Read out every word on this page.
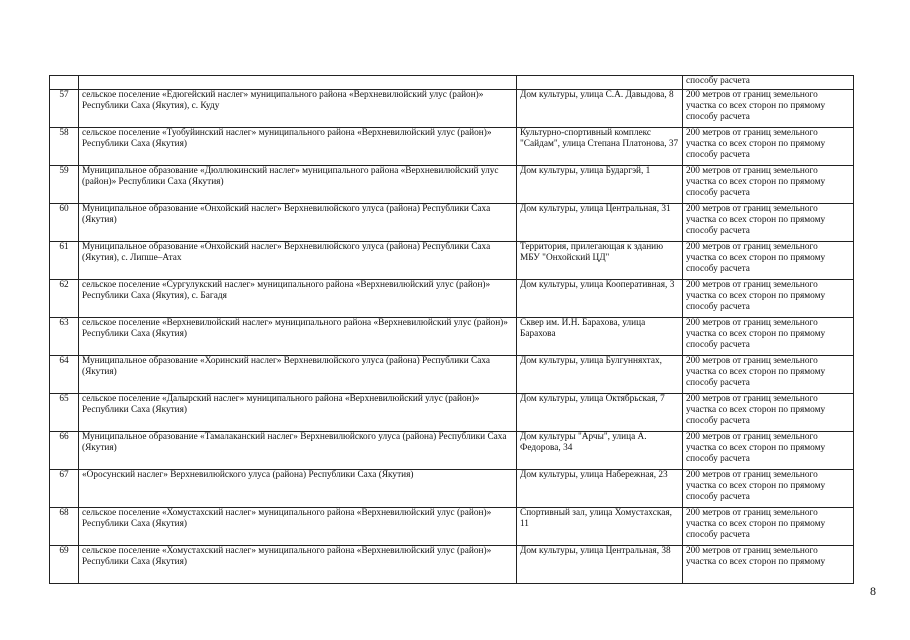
			способу расчета
57	сельское поселение «Едюгейский наслег» муниципального района «Верхневилюйский улус (район)» Республики Саха (Якутия), с. Куду	Дом культуры, улица С.А. Давыдова, 8	200 метров от границ земельного участка со всех сторон по прямому способу расчета
58	сельское поселение «Туобуйинский наслег» муниципального района «Верхневилюйский улус (район)» Республики Саха (Якутия)	Культурно-спортивный комплекс "Сайдам", улица Степана Платонова, 37	200 метров от границ земельного участка со всех сторон по прямому способу расчета
59	Муниципальное образование «Дюллюкинский наслег» муниципального района «Верхневилюйский улус (район)» Республики Саха (Якутия)	Дом культуры, улица Бударгэй, 1	200 метров от границ земельного участка со всех сторон по прямому способу расчета
60	Муниципальное образование «Онхойский наслег» Верхневилюйского улуса (района) Республики Саха (Якутия)	Дом культуры, улица Центральная, 31	200 метров от границ земельного участка со всех сторон по прямому способу расчета
61	Муниципальное образование «Онхойский наслег» Верхневилюйского улуса (района) Республики Саха (Якутия), с. Липше–Атах	Территория, прилегающая к зданию МБУ "Онхойский ЦД"	200 метров от границ земельного участка со всех сторон по прямому способу расчета
62	сельское поселение «Сургулукский наслег» муниципального района «Верхневилюйский улус (район)» Республики Саха (Якутия), с. Багадя	Дом культуры, улица Кооперативная, 3	200 метров от границ земельного участка со всех сторон по прямому способу расчета
63	сельское поселение «Верхневилюйский наслег» муниципального района «Верхневилюйский улус (район)» Республики Саха (Якутия)	Сквер им. И.Н. Барахова, улица Барахова	200 метров от границ земельного участка со всех сторон по прямому способу расчета
64	Муниципальное образование «Хоринский наслег» Верхневилюйского улуса (района) Республики Саха (Якутия)	Дом культуры, улица Булгунняхтах,	200 метров от границ земельного участка со всех сторон по прямому способу расчета
65	сельское поселение «Далырский наслег» муниципального района «Верхневилюйский улус (район)» Республики Саха (Якутия)	Дом культуры, улица Октябрьская, 7	200 метров от границ земельного участка со всех сторон по прямому способу расчета
66	Муниципальное образование «Тамалаканский наслег» Верхневилюйского улуса (района) Республики Саха (Якутия)	Дом культуры "Арчы", улица А. Федорова, 34	200 метров от границ земельного участка со всех сторон по прямому способу расчета
67	«Оросунский наслег» Верхневилюйского улуса (района) Республики Саха (Якутия)	Дом культуры, улица Набережная, 23	200 метров от границ земельного участка со всех сторон по прямому способу расчета
68	сельское поселение «Хомустахский наслег» муниципального района «Верхневилюйский улус (район)» Республики Саха (Якутия)	Спортивный зал, улица Хомустахская, 11	200 метров от границ земельного участка со всех сторон по прямому способу расчета
69	сельское поселение «Хомустахский наслег» муниципального района «Верхневилюйский улус (район)» Республики Саха (Якутия)	Дом культуры, улица Центральная, 38	200 метров от границ земельного участка со всех сторон по прямому
8
